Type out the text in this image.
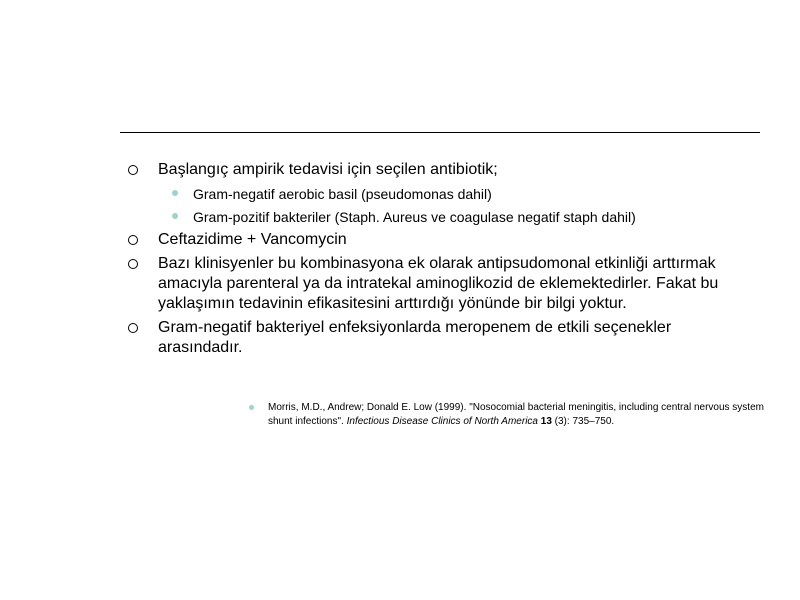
Başlangıç ampirik tedavisi için seçilen antibiotik;
Gram-negatif aerobic basil (pseudomonas dahil)
Gram-pozitif bakteriler (Staph. Aureus ve coagulase negatif staph dahil)
Ceftazidime + Vancomycin
Bazı klinisyenler bu kombinasyona ek olarak antipsudomonal etkinliği arttırmak amacıyla parenteral ya da intratekal aminoglikozid de eklemektedirler. Fakat bu yaklaşımın tedavinin efikasitesini arttırdığı yönünde bir bilgi yoktur.
Gram-negatif bakteriyel enfeksiyonlarda meropenem de etkili seçenekler arasındadır.
Morris, M.D., Andrew; Donald E. Low (1999). "Nosocomial bacterial meningitis, including central nervous system shunt infections". Infectious Disease Clinics of North America 13 (3): 735–750.
